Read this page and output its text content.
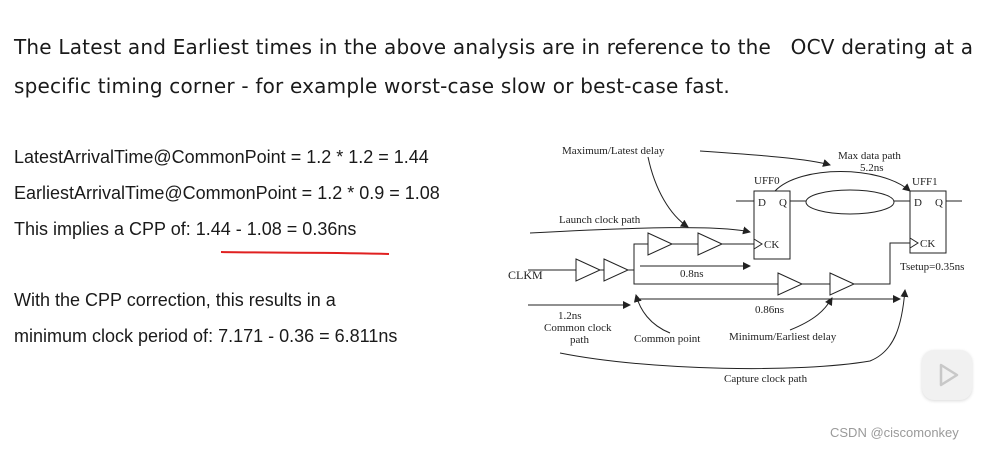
The Latest and Earliest times in the above analysis are in reference to the   OCV derating at a
specific timing corner - for example worst-case slow or best-case fast.

LatestArrivalTime@CommonPoint = 1.2 * 1.2 = 1.44

EarliestArrivalTime@CommonPoint = 1.2 * 0.9 = 1.08

This implies a CPP of: 1.44 - 1.08 = 0.36ns

With the CPP correction, this results in a

minimum clock period of: 7.171 - 0.36 = 6.811ns

Maximum/Latest delay	Max data path
5.2ns
UFF0	UFF1
Launch clock path
CLKM	0.8ns
0.86ns
Tsetup=0.35ns
1.2ns
Common clock
path	Common point	Minimum/Earliest delay
Capture clock path
D Q
CK
D Q
CK
CSDN @ciscomonkey
